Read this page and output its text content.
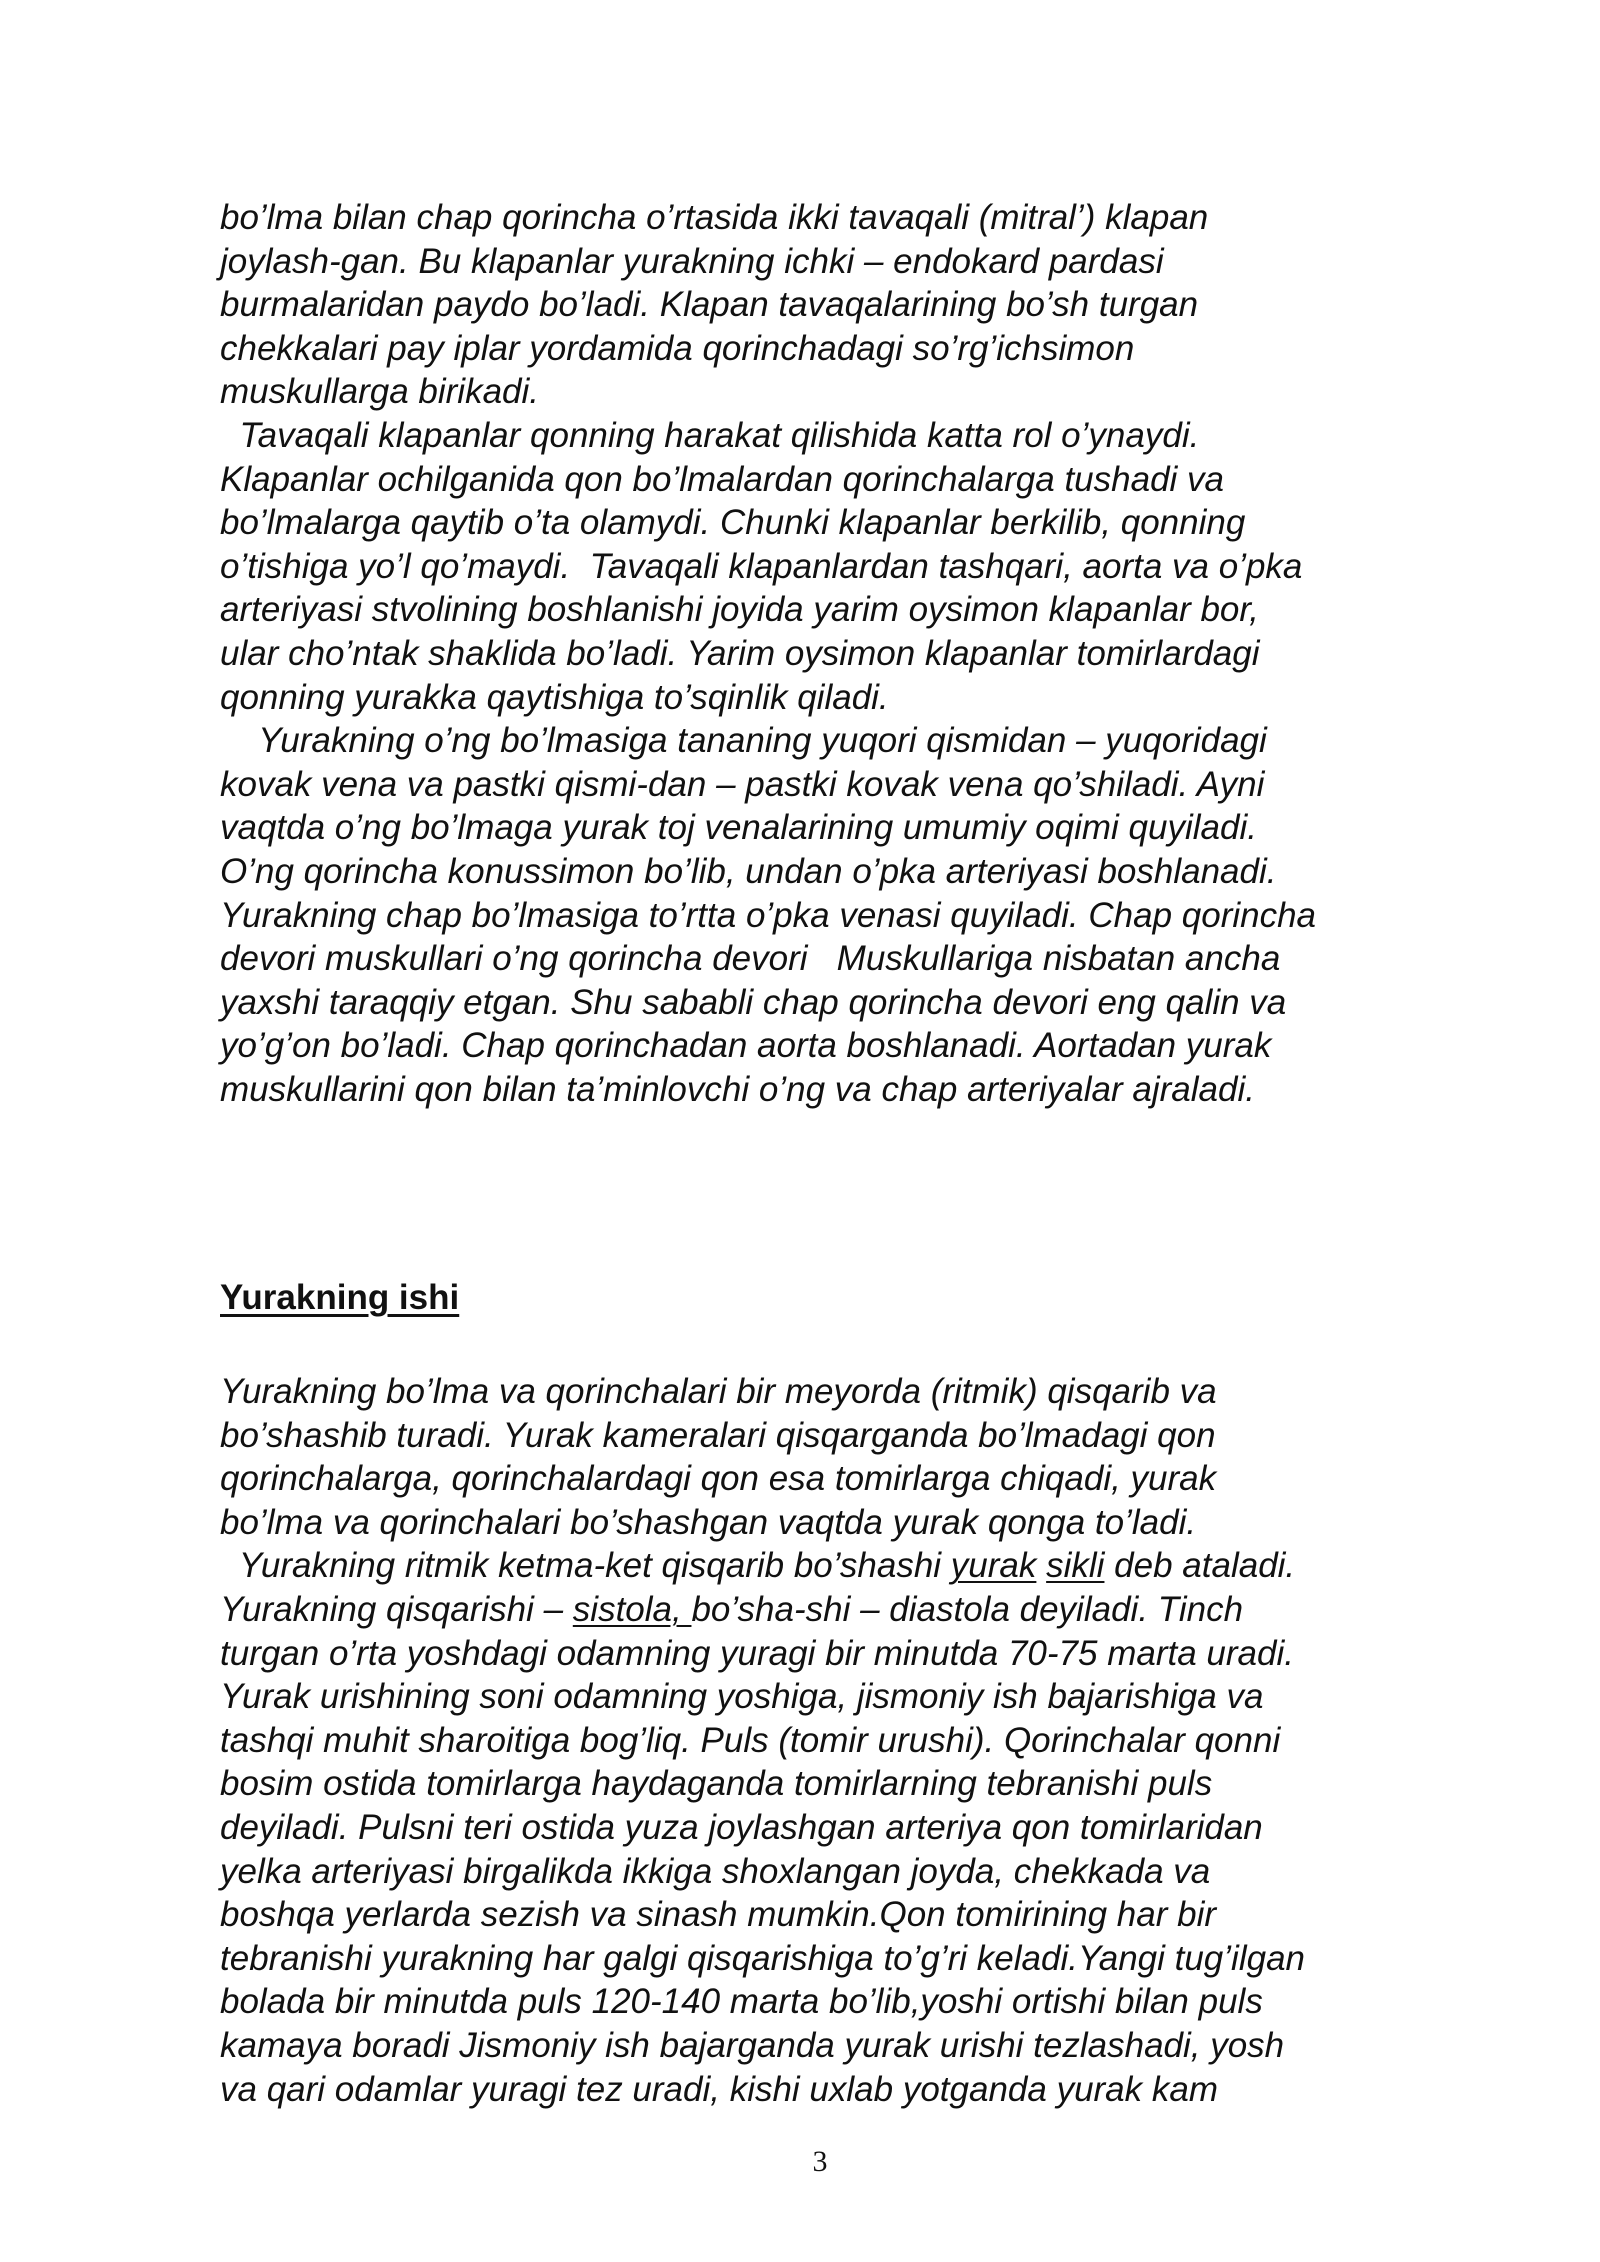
bo’lma bilan chap qorincha o’rtasida ikki tavaqali (mitral’) klapan
joylash-gan. Bu klapanlar yurakning ichki – endokard pardasi
burmalaridan paydo bo’ladi. Klapan tavaqalarining bo’sh turgan
chekkalari pay iplar yordamida qorinchadagi so’rg’ichsimon
muskullarga birikadi.
Tavaqali klapanlar qonning harakat qilishida katta rol o’ynaydi.
Klapanlar ochilganida qon bo’lmalardan qorinchalarga tushadi va
bo’lmalarga qaytib o’ta olamydi. Chunki klapanlar berkilib, qonning
o’tishiga yo’l qo’maydi.  Tavaqali klapanlardan tashqari, aorta va o’pka
arteriyasi stvolining boshlanishi joyida yarim oysimon klapanlar bor,
ular cho’ntak shaklida bo’ladi. Yarim oysimon klapanlar tomirlardagi
qonning yurakka qaytishiga to’sqinlik qiladi.
Yurakning o’ng bo’lmasiga tananing yuqori qismidan – yuqoridagi
kovak vena va pastki qismi-dan – pastki kovak vena qo’shiladi. Ayni
vaqtda o’ng bo’lmaga yurak toj venalarining umumiy oqimi quyiladi.
O’ng qorincha konussimon bo’lib, undan o’pka arteriyasi boshlanadi.
Yurakning chap bo’lmasiga to’rtta o’pka venasi quyiladi. Chap qorincha
devori muskullari o’ng qorincha devori   Muskullariga nisbatan ancha
yaxshi taraqqiy etgan. Shu sababli chap qorincha devori eng qalin va
yo’g’on bo’ladi. Chap qorinchadan aorta boshlanadi. Aortadan yurak
muskullarini qon bilan ta’minlovchi o’ng va chap arteriyalar ajraladi.
Yurakning ishi
Yurakning bo’lma va qorinchalari bir meyorda (ritmik) qisqarib va
bo’shashib turadi. Yurak kameralari qisqarganda bo’lmadagi qon
qorinchalarga, qorinchalardagi qon esa tomirlarga chiqadi, yurak
bo’lma va qorinchalari bo’shashgan vaqtda yurak qonga to’ladi.
Yurakning ritmik ketma-ket qisqarib bo’shashi yurak sikli deb ataladi.
Yurakning qisqarishi – sistola, bo’sha-shi – diastola deyiladi. Tinch
turgan o’rta yoshdagi odamning yuragi bir minutda 70-75 marta uradi.
Yurak urishining soni odamning yoshiga, jismoniy ish bajarishiga va
tashqi muhit sharoitiga bog’liq. Puls (tomir urushi). Qorinchalar qonni
bosim ostida tomirlarga haydaganda tomirlarning tebranishi puls
deyiladi. Pulsni teri ostida yuza joylashgan arteriya qon tomirlaridan
yelka arteriyasi birgalikda ikkiga shoxlangan joyda, chekkada va
boshqa yerlarda sezish va sinash mumkin.Qon tomirining har bir
tebranishi yurakning har galgi qisqarishiga to’g’ri keladi.Yangi tug’ilgan
bolada bir minutda puls 120-140 marta bo’lib,yoshi ortishi bilan puls
kamaya boradi Jismoniy ish bajarganda yurak urishi tezlashadi, yosh
va qari odamlar yuragi tez uradi, kishi uxlab yotganda yurak kam
3
